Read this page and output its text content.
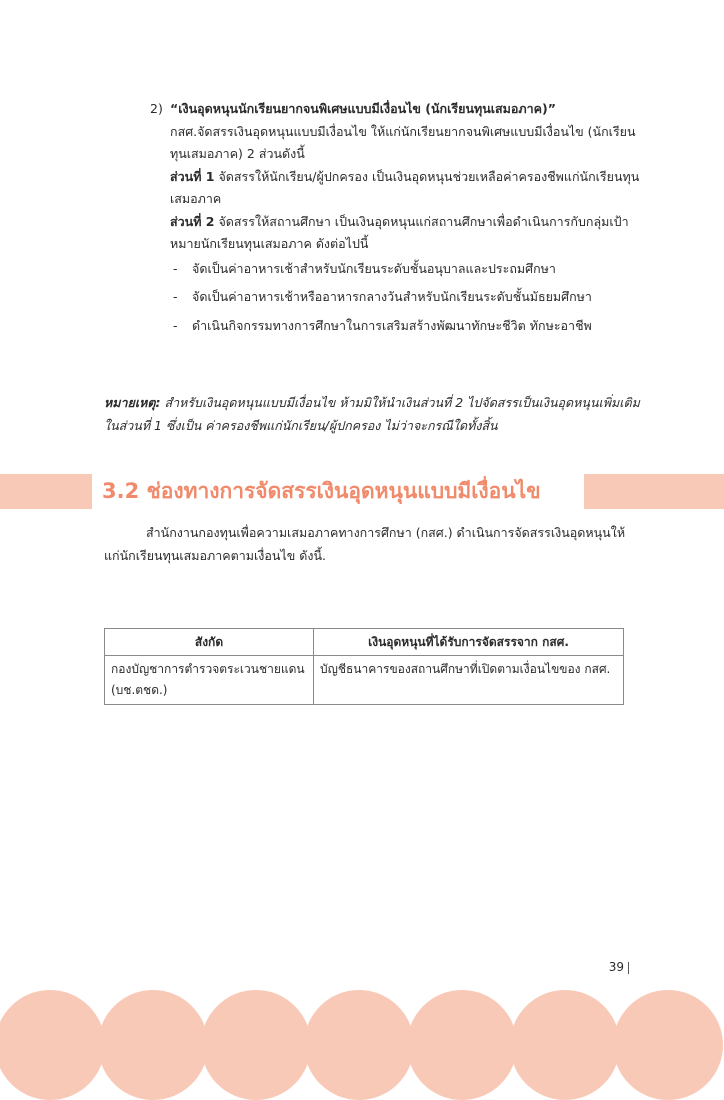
2) “เงินอุดหนุนนักเรียนยากจนพิเศษแบบมีเงื่อนไข (นักเรียนทุนเสมอภาค)”

กสศ.จัดสรรเงินอุดหนุนแบบมีเงื่อนไข ให้แก่นักเรียนยากจนพิเศษแบบมีเงื่อนไข (นักเรียนทุนเสมอภาค) 2 ส่วนดังนี้

ส่วนที่ 1 จัดสรรให้นักเรียน/ผู้ปกครอง เป็นเงินอุดหนุนช่วยเหลือค่าครองชีพแก่นักเรียนทุนเสมอภาค

ส่วนที่ 2 จัดสรรให้สถานศึกษา เป็นเงินอุดหนุนแก่สถานศึกษาเพื่อดำเนินการกับกลุ่มเป้าหมายนักเรียนทุนเสมอภาค ดังต่อไปนี้

- จัดเป็นค่าอาหารเช้าสำหรับนักเรียนระดับชั้นอนุบาลและประถมศึกษา
- จัดเป็นค่าอาหารเช้าหรืออาหารกลางวันสำหรับนักเรียนระดับชั้นมัธยมศึกษา
- ดำเนินกิจกรรมทางการศึกษาในการเสริมสร้างพัฒนาทักษะชีวิต ทักษะอาชีพ
หมายเหตุ: สำหรับเงินอุดหนุนแบบมีเงื่อนไข ห้ามมิให้นำเงินส่วนที่ 2 ไปจัดสรรเป็นเงินอุดหนุนเพิ่มเติมในส่วนที่ 1 ซึ่งเป็น ค่าครองชีพแก่นักเรียน/ผู้ปกครอง ไม่ว่าจะกรณีใดทั้งสิ้น
3.2 ช่องทางการจัดสรรเงินอุดหนุนแบบมีเงื่อนไข

สำนักงานกองทุนเพื่อความเสมอภาคทางการศึกษา (กสศ.) ดำเนินการจัดสรรเงินอุดหนุนให้แก่นักเรียนทุนเสมอภาคตามเงื่อนไข ดังนี้.

สังกัด	เงินอุดหนุนที่ได้รับการจัดสรรจาก กสศ.
กองบัญชาการตำรวจตระเวนชายแดน (บช.ตชด.)	บัญชีธนาคารของสถานศึกษาที่เปิดตามเงื่อนไขของ กสศ.
39
